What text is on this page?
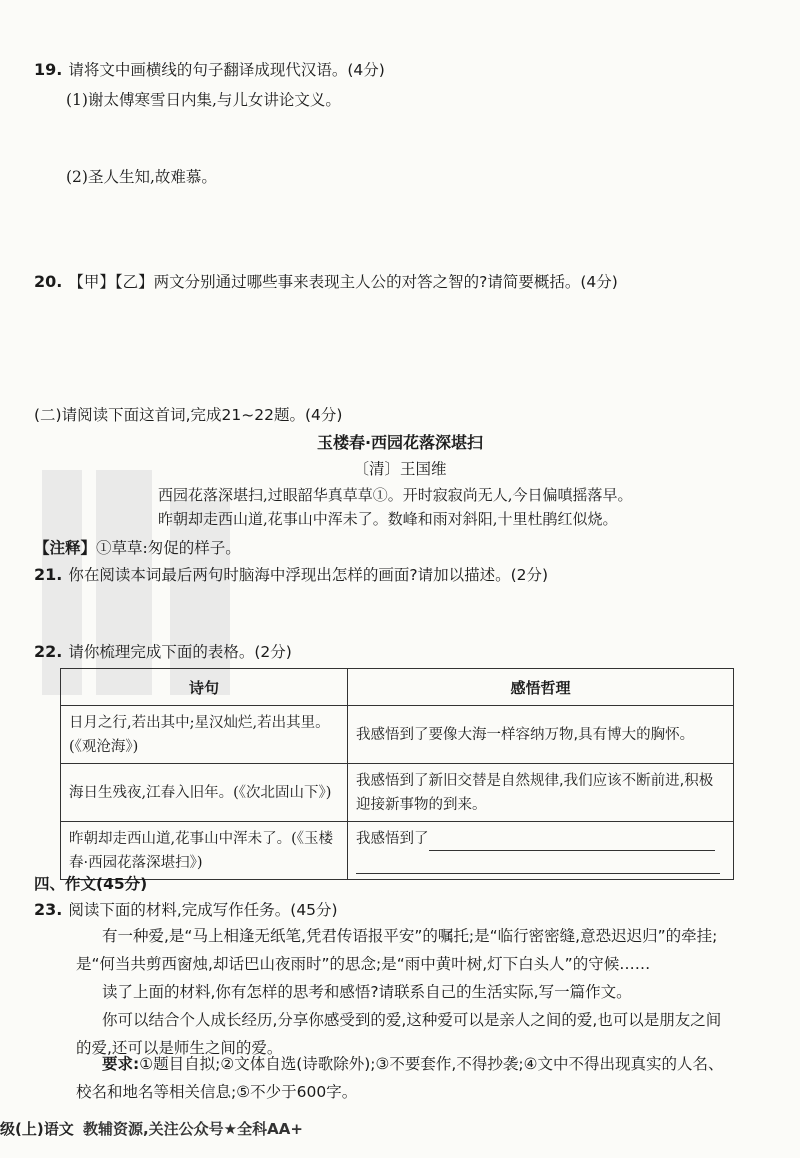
19. 请将文中画横线的句子翻译成现代汉语。(4分)
(1)谢太傅寒雪日内集,与儿女讲论文义。
(2)圣人生知,故难慕。
20. 【甲】【乙】两文分别通过哪些事来表现主人公的对答之智的?请简要概括。(4分)
(二)请阅读下面这首词,完成21~22题。(4分)
玉楼春·西园花落深堪扫
〔清〕王国维
西园花落深堪扫,过眼韶华真草草①。开时寂寂尚无人,今日偏嗔摇落早。
昨朝却走西山道,花事山中浑未了。数峰和雨对斜阳,十里杜鹃红似烧。
【注释】①草草:匆促的样子。
21. 你在阅读本词最后两句时脑海中浮现出怎样的画面?请加以描述。(2分)
22. 请你梳理完成下面的表格。(2分)
诗句	感悟哲理
日月之行,若出其中;星汉灿烂,若出其里。(《观沧海》)	我感悟到了要像大海一样容纳万物,具有博大的胸怀。
海日生残夜,江春入旧年。(《次北固山下》)	我感悟到了新旧交替是自然规律,我们应该不断前进,积极迎接新事物的到来。
昨朝却走西山道,花事山中浑未了。(《玉楼春·西园花落深堪扫》)	我感悟到了
四、作文(45分)
23. 阅读下面的材料,完成写作任务。(45分)
有一种爱,是“马上相逢无纸笔,凭君传语报平安”的嘱托;是“临行密密缝,意恐迟迟归”的牵挂;是“何当共剪西窗烛,却话巴山夜雨时”的思念;是“雨中黄叶树,灯下白头人”的守候……
读了上面的材料,你有怎样的思考和感悟?请联系自己的生活实际,写一篇作文。
你可以结合个人成长经历,分享你感受到的爱,这种爱可以是亲人之间的爱,也可以是朋友之间的爱,还可以是师生之间的爱。
要求:①题目自拟;②文体自选(诗歌除外);③不要套作,不得抄袭;④文中不得出现真实的人名、校名和地名等相关信息;⑤不少于600字。
级(上)语文 教辅资源,关注公众号★全科AA+
